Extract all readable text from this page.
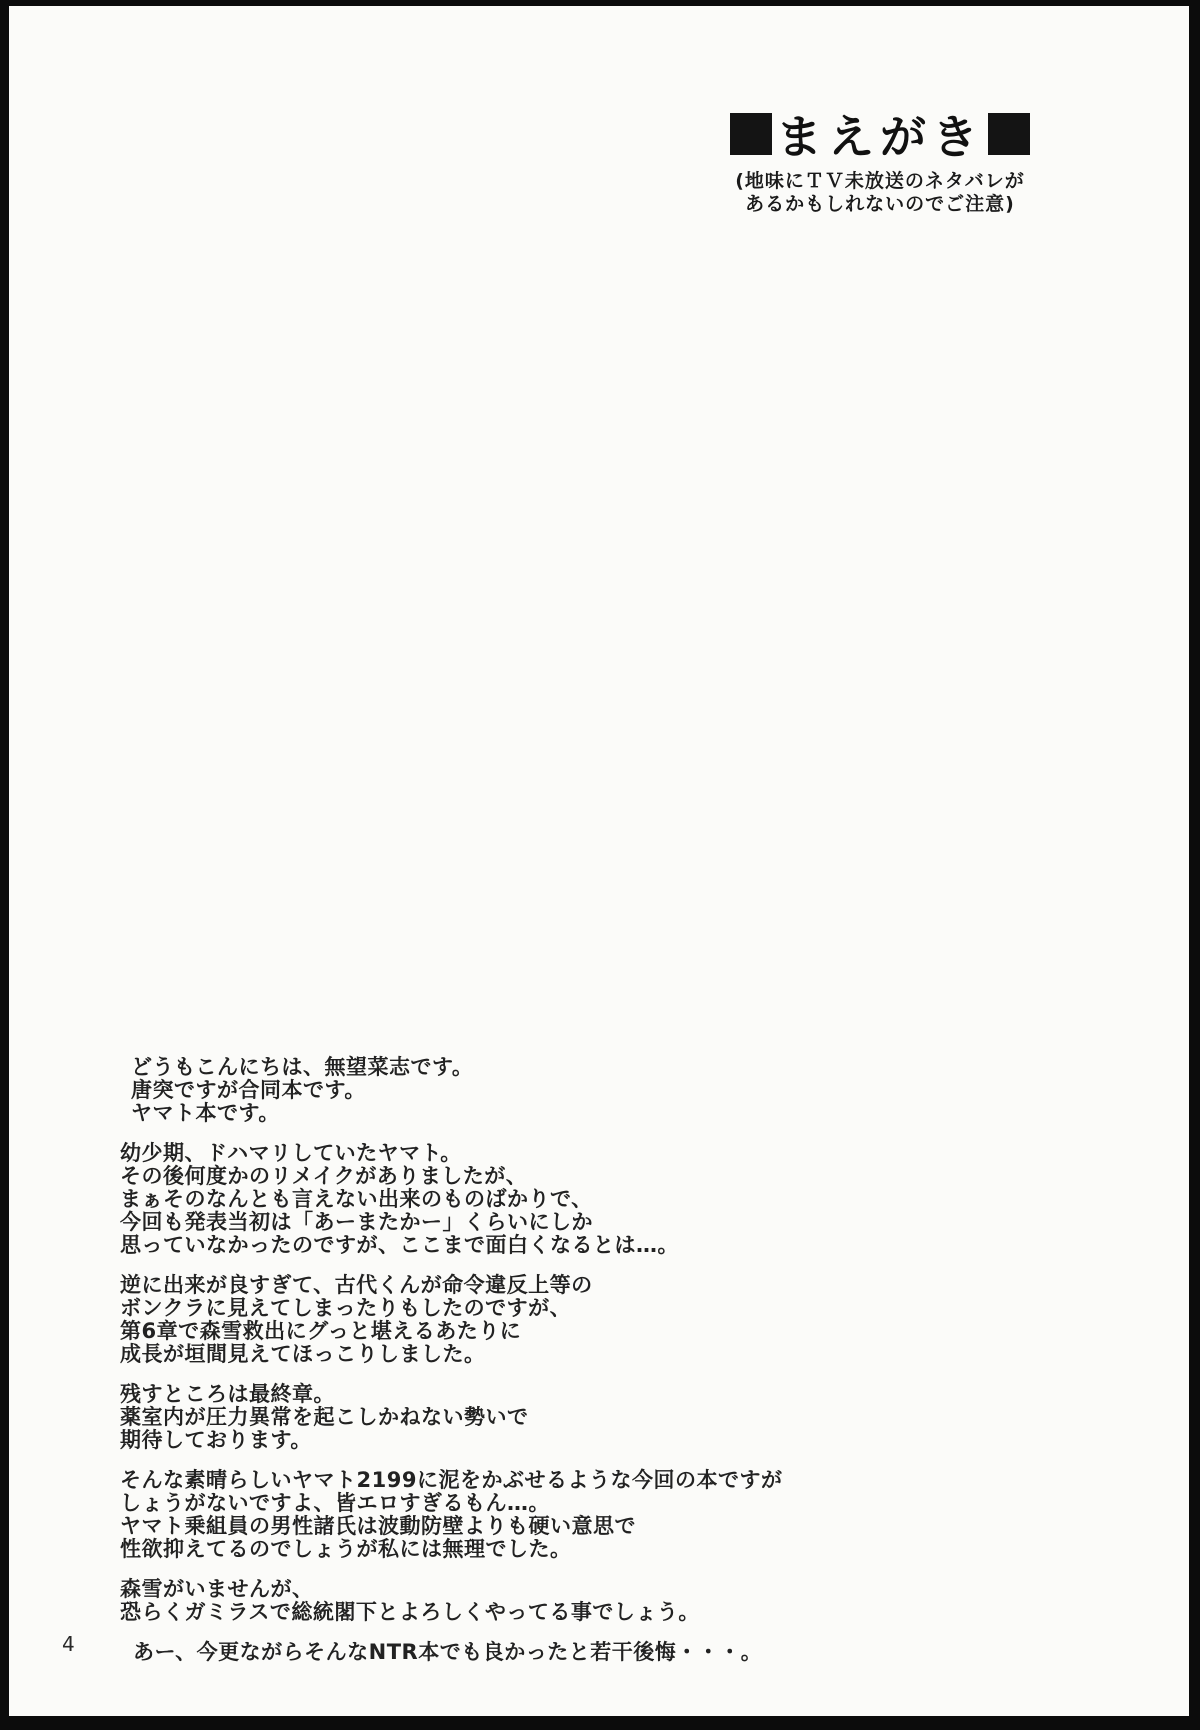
まえがき
(地味にＴＶ未放送のネタバレが
あるかもしれないのでご注意)
どうもこんにちは、無望菜志です。
唐突ですが合同本です。
ヤマト本です。
幼少期、ドハマリしていたヤマト。
その後何度かのリメイクがありましたが、
まぁそのなんとも言えない出来のものばかりで、
今回も発表当初は「あーまたかー」くらいにしか
思っていなかったのですが、ここまで面白くなるとは…。
逆に出来が良すぎて、古代くんが命令違反上等の
ボンクラに見えてしまったりもしたのですが、
第6章で森雪救出にグっと堪えるあたりに
成長が垣間見えてほっこりしました。
残すところは最終章。
薬室内が圧力異常を起こしかねない勢いで
期待しております。
そんな素晴らしいヤマト2199に泥をかぶせるような今回の本ですが
しょうがないですよ、皆エロすぎるもん…。
ヤマト乗組員の男性諸氏は波動防壁よりも硬い意思で
性欲抑えてるのでしょうが私には無理でした。
森雪がいませんが、
恐らくガミラスで総統閣下とよろしくやってる事でしょう。
あー、今更ながらそんなNTR本でも良かったと若干後悔・・・。
4
